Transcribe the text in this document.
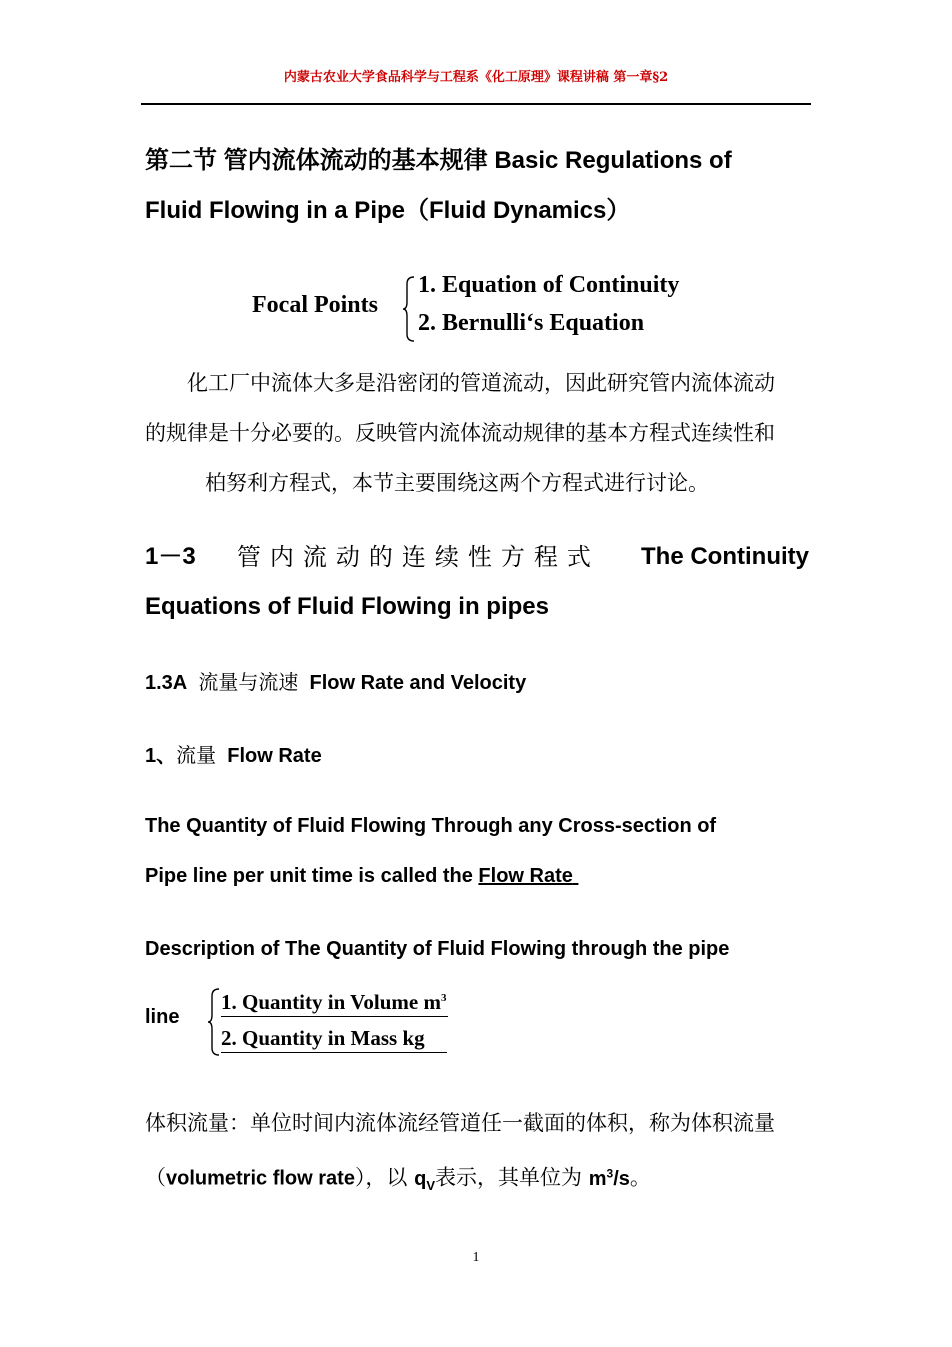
内蒙古农业大学食品科学与工程系《化工原理》课程讲稿 第一章§2
第二节 管内流体流动的基本规律 Basic Regulations of
Fluid Flowing in a Pipe（Fluid Dynamics）
Focal Points
1. Equation of Continuity
2. Bernulli‘s Equation
化工厂中流体大多是沿密闭的管道流动，因此研究管内流体流动
的规律是十分必要的。反映管内流体流动规律的基本方程式连续性和
柏努利方程式，本节主要围绕这两个方程式进行讨论。
1－3 管内流动的连续性方程式 The Continuity
Equations of Fluid Flowing in pipes
1.3A 流量与流速 Flow Rate and Velocity
1、流量 Flow Rate
The Quantity of Fluid Flowing Through any Cross-section of
Pipe line per unit time is called the Flow Rate
Description of The Quantity of Fluid Flowing through the pipe
line
1. Quantity in Volume $m^3$
2. Quantity in Mass kg
体积流量：单位时间内流体流经管道任一截面的体积，称为体积流量
（volumetric flow rate），以 $q_V$表示，其单位为 $m^3/s$。
1
